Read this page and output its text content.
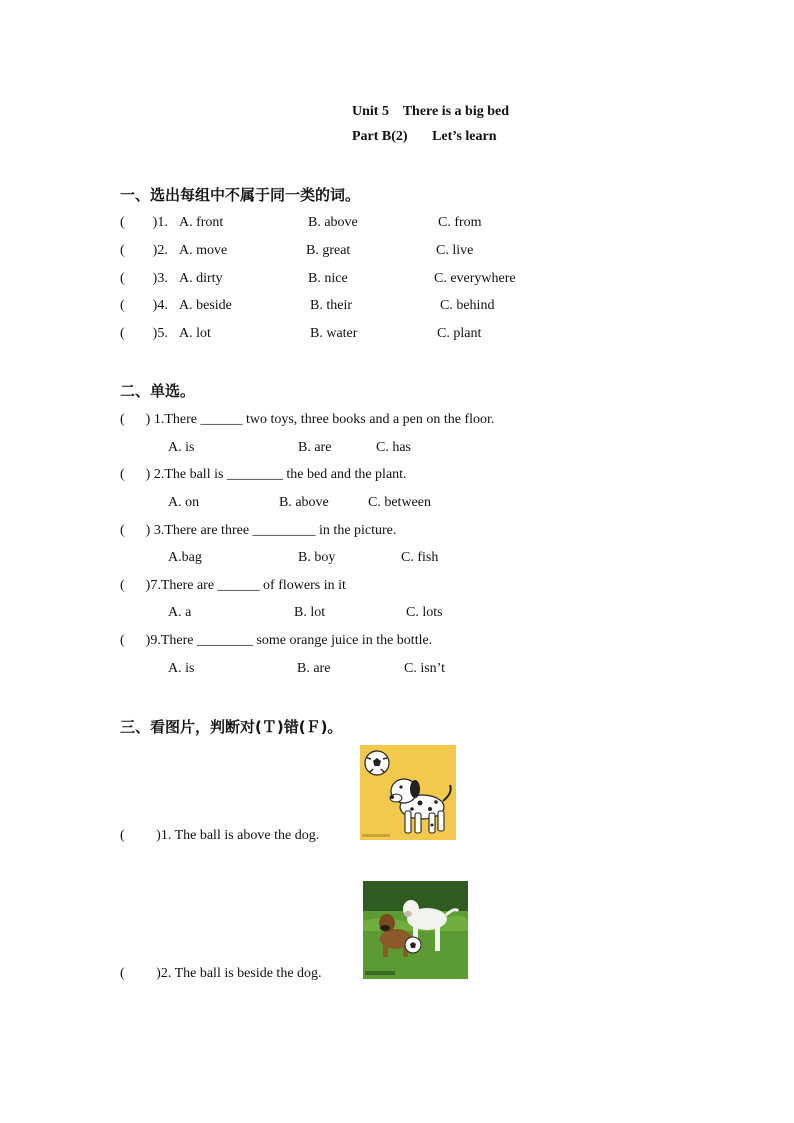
Unit 5    There is a big bed
Part B(2)       Let’s learn
一、选出每组中不属于同一类的词。
(        )1. A. front	B. above	C. from
(        )2. A. move	B. great	C. live
(        )3. A. dirty	B. nice	C. everywhere
(        )4. A. beside	B. their	C. behind
(        )5. A. lot	B. water	C. plant
二、单选。
(      ) 1.There ______ two toys, three books and a pen on the floor.
A. is	B. are	C. has
(      ) 2.The ball is ________ the bed and the plant.
A. on	B. above	C. between
(      ) 3.There are three _________ in the picture.
A.bag	B. boy	C. fish
(      )7.There are ______ of flowers in it
A. a	B. lot	C. lots
(      )9.There ________ some orange juice in the bottle.
A. is	B. are	C. isn’t
三、看图片，判断对(Ｔ)错(Ｆ)。
(         )1. The ball is above the dog.
(         )2. The ball is beside the dog.
